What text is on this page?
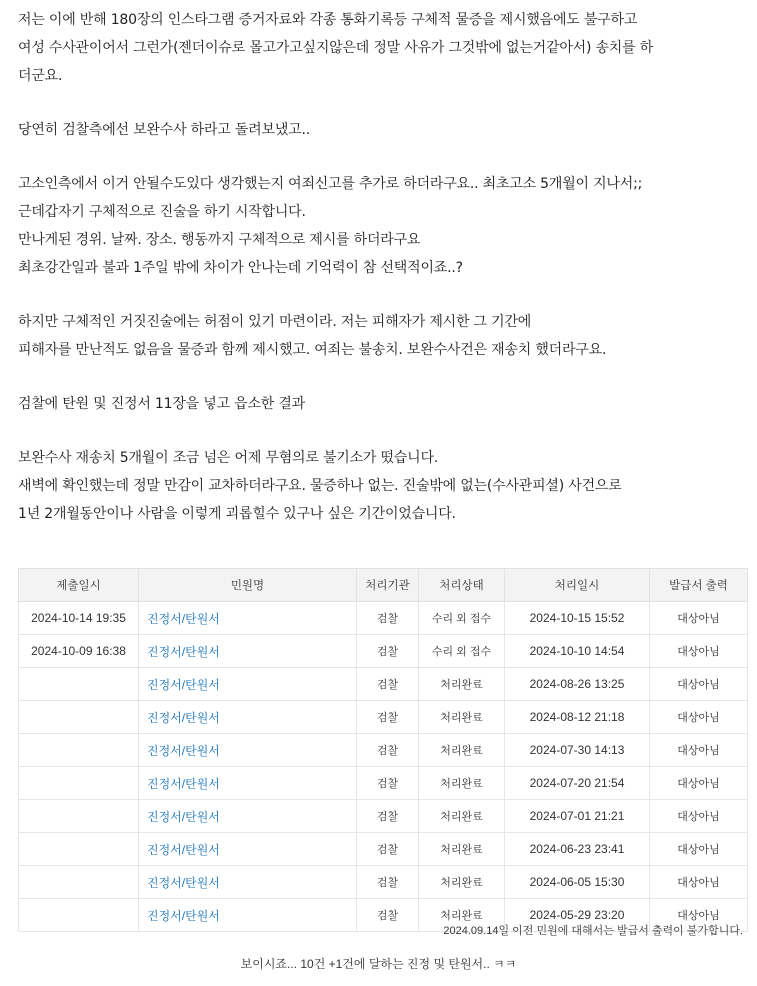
저는 이에 반해 180장의 인스타그램 증거자료와 각종 통화기록등 구체적 물증을 제시했음에도 불구하고
여성 수사관이어서 그런가(젠더이슈로 몰고가고싶지않은데 정말 사유가 그것밖에 없는거같아서) 송치를 하
더군요.

당연히 검찰측에선 보완수사 하라고 돌려보냈고..

고소인측에서 이거 안될수도있다 생각했는지 여죄신고를 추가로 하더라구요.. 최초고소 5개월이 지나서;;
근데갑자기 구체적으로 진술을 하기 시작합니다.
만나게된 경위. 날짜. 장소. 행동까지 구체적으로 제시를 하더라구요
최초강간일과 불과 1주일 밖에 차이가 안나는데 기억력이 참 선택적이죠..?

하지만 구체적인 거짓진술에는 허점이 있기 마련이라. 저는 피해자가 제시한 그 기간에
피해자를 만난적도 없음을 물증과 함께 제시했고. 여죄는 불송치. 보완수사건은 재송치 했더라구요.

검찰에 탄원 및 진정서 11장을 넣고 읍소한 결과

보완수사 재송치 5개월이 조금 넘은 어제 무혐의로 불기소가 떴습니다.
새벽에 확인했는데 정말 만감이 교차하더라구요. 물증하나 없는. 진술밖에 없는(수사관피셜) 사건으로
1년 2개월동안이나 사람을 이렇게 괴롭힐수 있구나 싶은 기간이었습니다.

제출일시	민원명	처리기관	처리상태	처리일시	발급서 출력
2024-10-14 19:35	진정서/탄원서	검찰	수리 외 접수	2024-10-15 15:52	대상아님
2024-10-09 16:38	진정서/탄원서	검찰	수리 외 접수	2024-10-10 14:54	대상아님
	진정서/탄원서	검찰	처리완료	2024-08-26 13:25	대상아님
	진정서/탄원서	검찰	처리완료	2024-08-12 21:18	대상아님
	진정서/탄원서	검찰	처리완료	2024-07-30 14:13	대상아님
	진정서/탄원서	검찰	처리완료	2024-07-20 21:54	대상아님
	진정서/탄원서	검찰	처리완료	2024-07-01 21:21	대상아님
	진정서/탄원서	검찰	처리완료	2024-06-23 23:41	대상아님
	진정서/탄원서	검찰	처리완료	2024-06-05 15:30	대상아님
	진정서/탄원서	검찰	처리완료	2024-05-29 23:20	대상아님
2024.09.14일 이전 민원에 대해서는 발급서 출력이 불가합니다.
보이시죠... 10건 +1건에 달하는 진정 및 탄원서.. ㅋㅋ
